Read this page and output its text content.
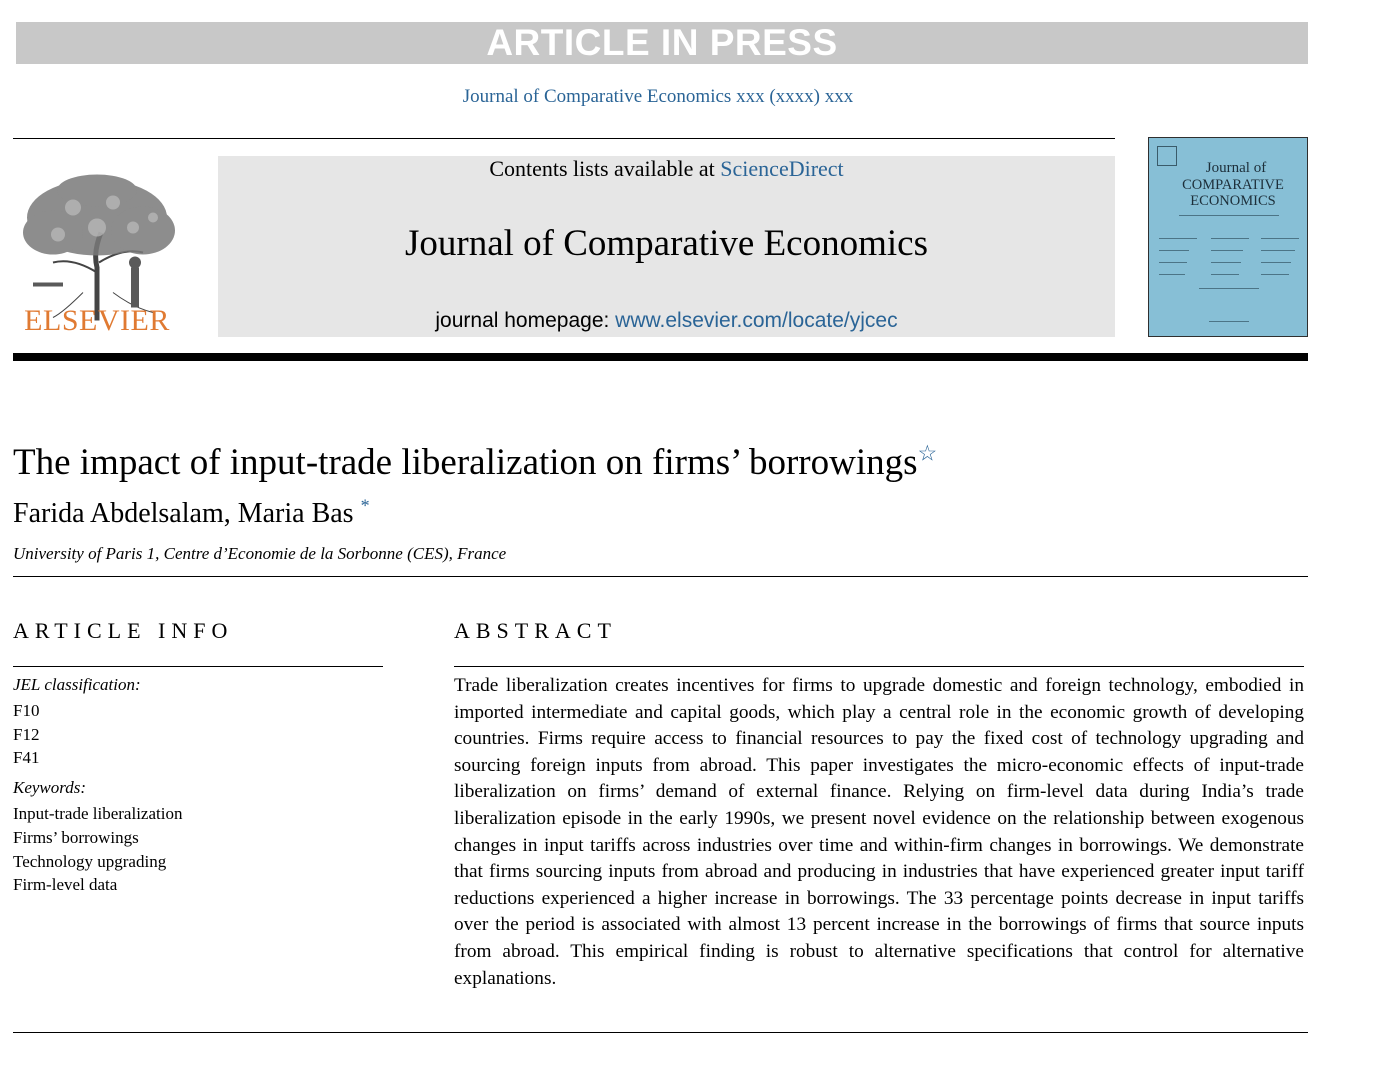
ARTICLE IN PRESS
Journal of Comparative Economics xxx (xxxx) xxx
ELSEVIER
Contents lists available at ScienceDirect
Journal of Comparative Economics
journal homepage: www.elsevier.com/locate/yjcec
Journal of
COMPARATIVE
ECONOMICS
The impact of input-trade liberalization on firms’ borrowings☆
Farida Abdelsalam, Maria Bas *
University of Paris 1, Centre d’Economie de la Sorbonne (CES), France
ARTICLE INFO
JEL classification:
F10
F12
F41
Keywords:
Input-trade liberalization
Firms’ borrowings
Technology upgrading
Firm-level data
ABSTRACT
Trade liberalization creates incentives for firms to upgrade domestic and foreign technology, embodied in imported intermediate and capital goods, which play a central role in the economic growth of developing countries. Firms require access to financial resources to pay the fixed cost of technology upgrading and sourcing foreign inputs from abroad. This paper investigates the micro-economic effects of input-trade liberalization on firms’ demand of external finance. Relying on firm-level data during India’s trade liberalization episode in the early 1990s, we present novel evidence on the relationship between exogenous changes in input tariffs across industries over time and within-firm changes in borrowings. We demonstrate that firms sourcing inputs from abroad and producing in industries that have experienced greater input tariff reductions experienced a higher increase in borrowings. The 33 percentage points decrease in input tariffs over the period is associated with almost 13 percent increase in the borrowings of firms that source inputs from abroad. This empirical finding is robust to alternative specifications that control for alternative explanations.
